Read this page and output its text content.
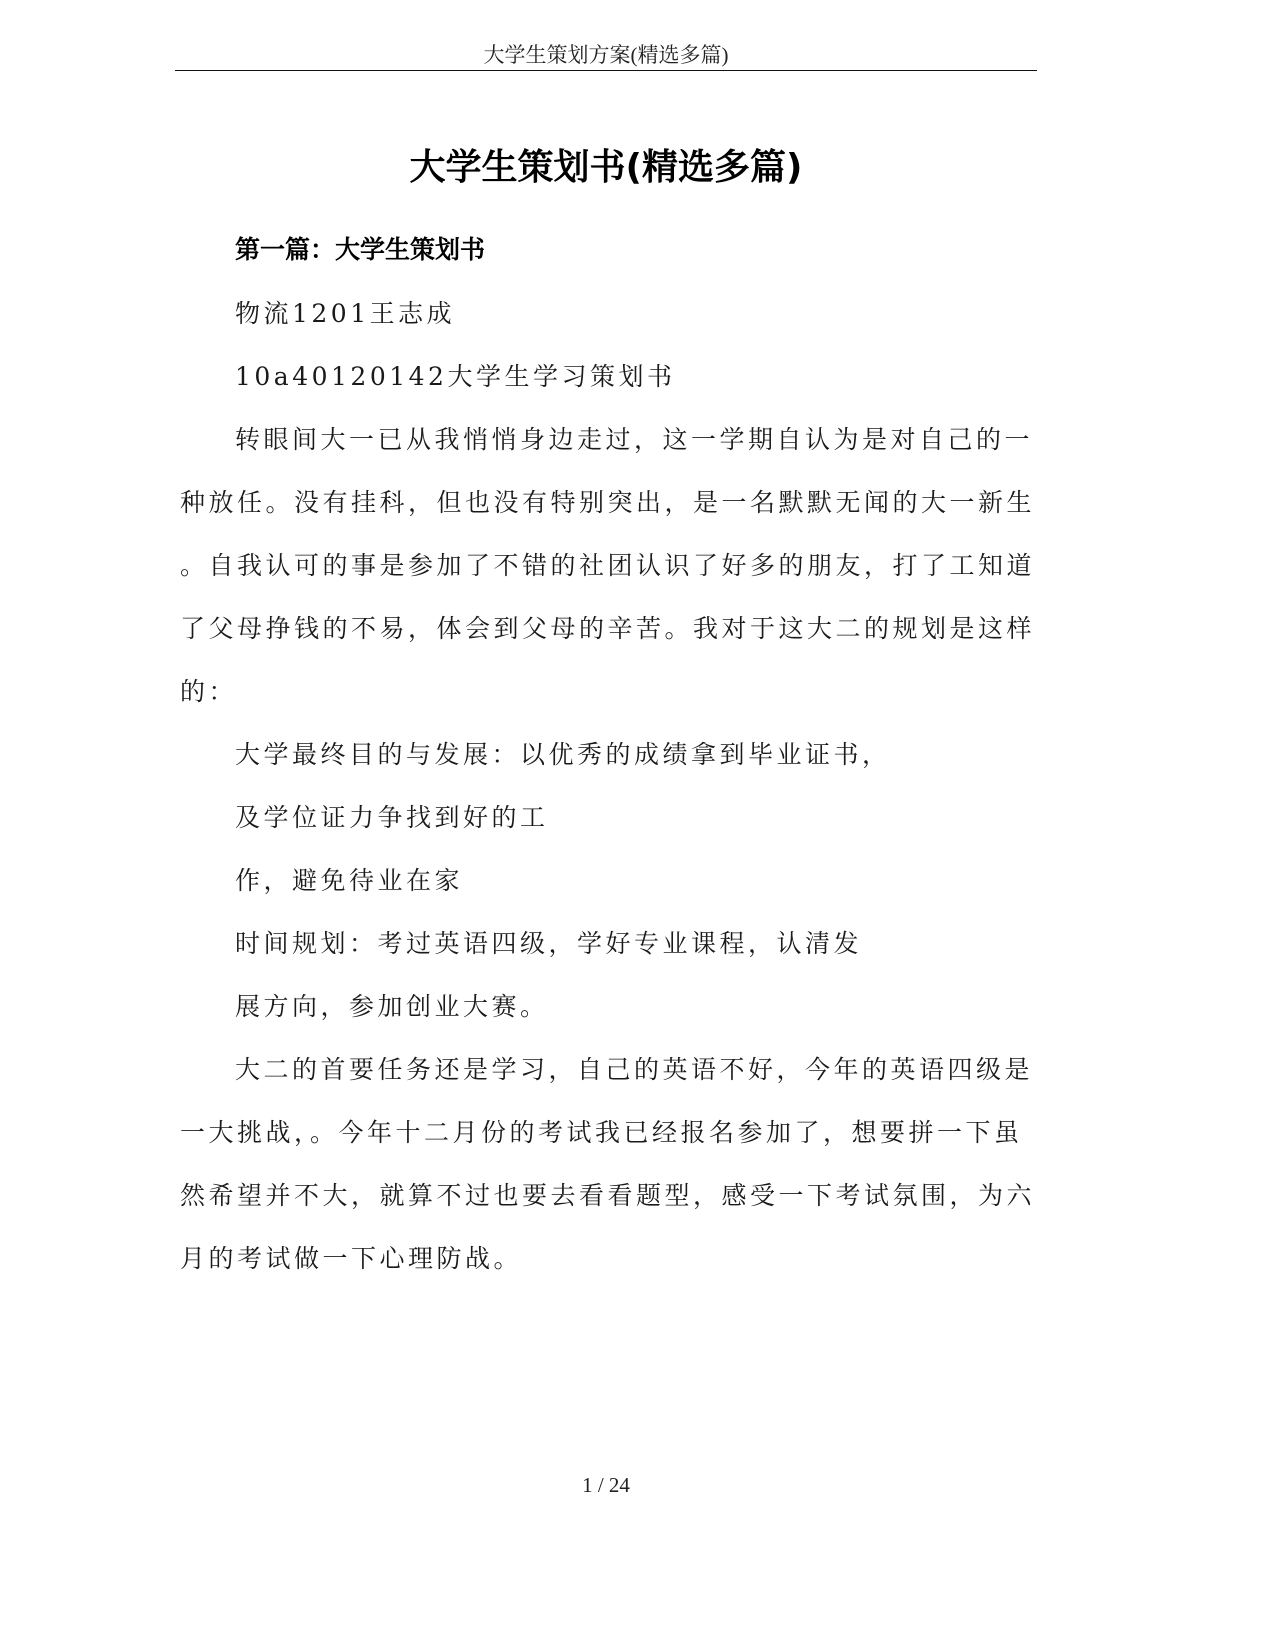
大学生策划方案(精选多篇)
大学生策划书(精选多篇)
第一篇：大学生策划书

物流1201王志成

10a40120142大学生学习策划书

转眼间大一已从我悄悄身边走过，这一学期自认为是对自己的一

种放任。没有挂科，但也没有特别突出，是一名默默无闻的大一新生

。自我认可的事是参加了不错的社团认识了好多的朋友，打了工知道

了父母挣钱的不易，体会到父母的辛苦。我对于这大二的规划是这样

的：

大学最终目的与发展：以优秀的成绩拿到毕业证书，

及学位证力争找到好的工

作，避免待业在家

时间规划：考过英语四级，学好专业课程，认清发

展方向，参加创业大赛。

大二的首要任务还是学习，自己的英语不好，今年的英语四级是

一大挑战，。今年十二月份的考试我已经报名参加了，想要拼一下虽

然希望并不大，就算不过也要去看看题型，感受一下考试氛围，为六

月的考试做一下心理防战。

1 / 24
